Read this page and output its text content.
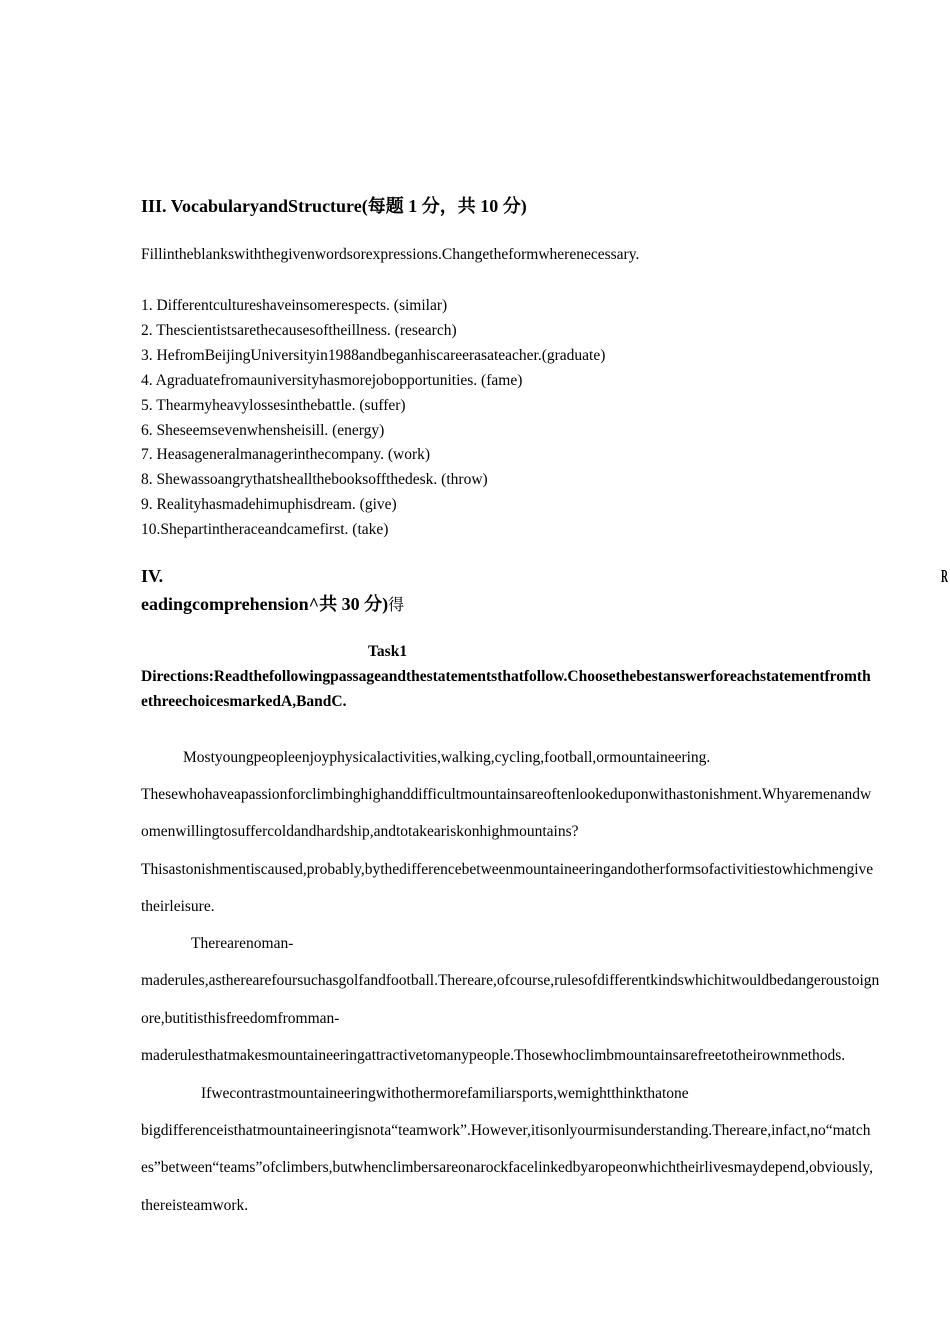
III. VocabularyandStructure(每题 1 分，共 10 分)
Fillintheblankswiththegivenwordsorexpressions.Changetheformwherenecessary.
1. Differentcultureshaveinsomerespects. (similar)
2. Thescientistsarethecausesoftheillness. (research)
3. HefromBeijingUniversityin1988andbeganhiscareerasateacher.(graduate)
4. Agraduatefromauniversityhasmorejobopportunities. (fame)
5. Thearmyheavylossesinthebattle. (suffer)
6. Sheseemsevenwhensheisill. (energy)
7. Heasageneralmanagerinthecompany. (work)
8. Shewassoangrythatsheallthebooksoffthedesk. (throw)
9. Realityhasmadehimuphisdream. (give)
10.Shepartintheraceandcamefirst. (take)
IV.	R
eadingcomprehension^共 30 分)得
Task1
Directions:Readthefollowingpassageandthestatementsthatfollow.Choosethebestanswerforeachstatementfromth
ethreechoicesmarkedA,BandC.
Mostyoungpeopleenjoyphysicalactivities,walking,cycling,football,ormountaineering.
Thesewhohaveapassionforclimbinghighanddifficultmountainsareoftenlookeduponwithastonishment.Whyaremenandw
omenwillingtosuffercoldandhardship,andtotakeariskonhighmountains?
Thisastonishmentiscaused,probably,bythedifferencebetweenmountaineeringandotherformsofactivitiestowhichmengive
theirleisure.
Therearenoman-
maderules,astherearefoursuchasgolfandfootball.Thereare,ofcourse,rulesofdifferentkindswhichitwouldbedangeroustoign
ore,butitisthisfreedomfromman-
maderulesthatmakesmountaineeringattractivetomanypeople.Thosewhoclimbmountainsarefreetotheirownmethods.
Ifwecontrastmountaineeringwithothermorefamiliarsports,wemightthinkthatone
bigdifferenceisthatmountaineeringisnota“teamwork”.However,itisonlyourmisunderstanding.Thereare,infact,no“match
es”between“teams”ofclimbers,butwhenclimbersareonarockfacelinkedbyaropeonwhichtheirlivesmaydepend,obviously,
thereisteamwork.
